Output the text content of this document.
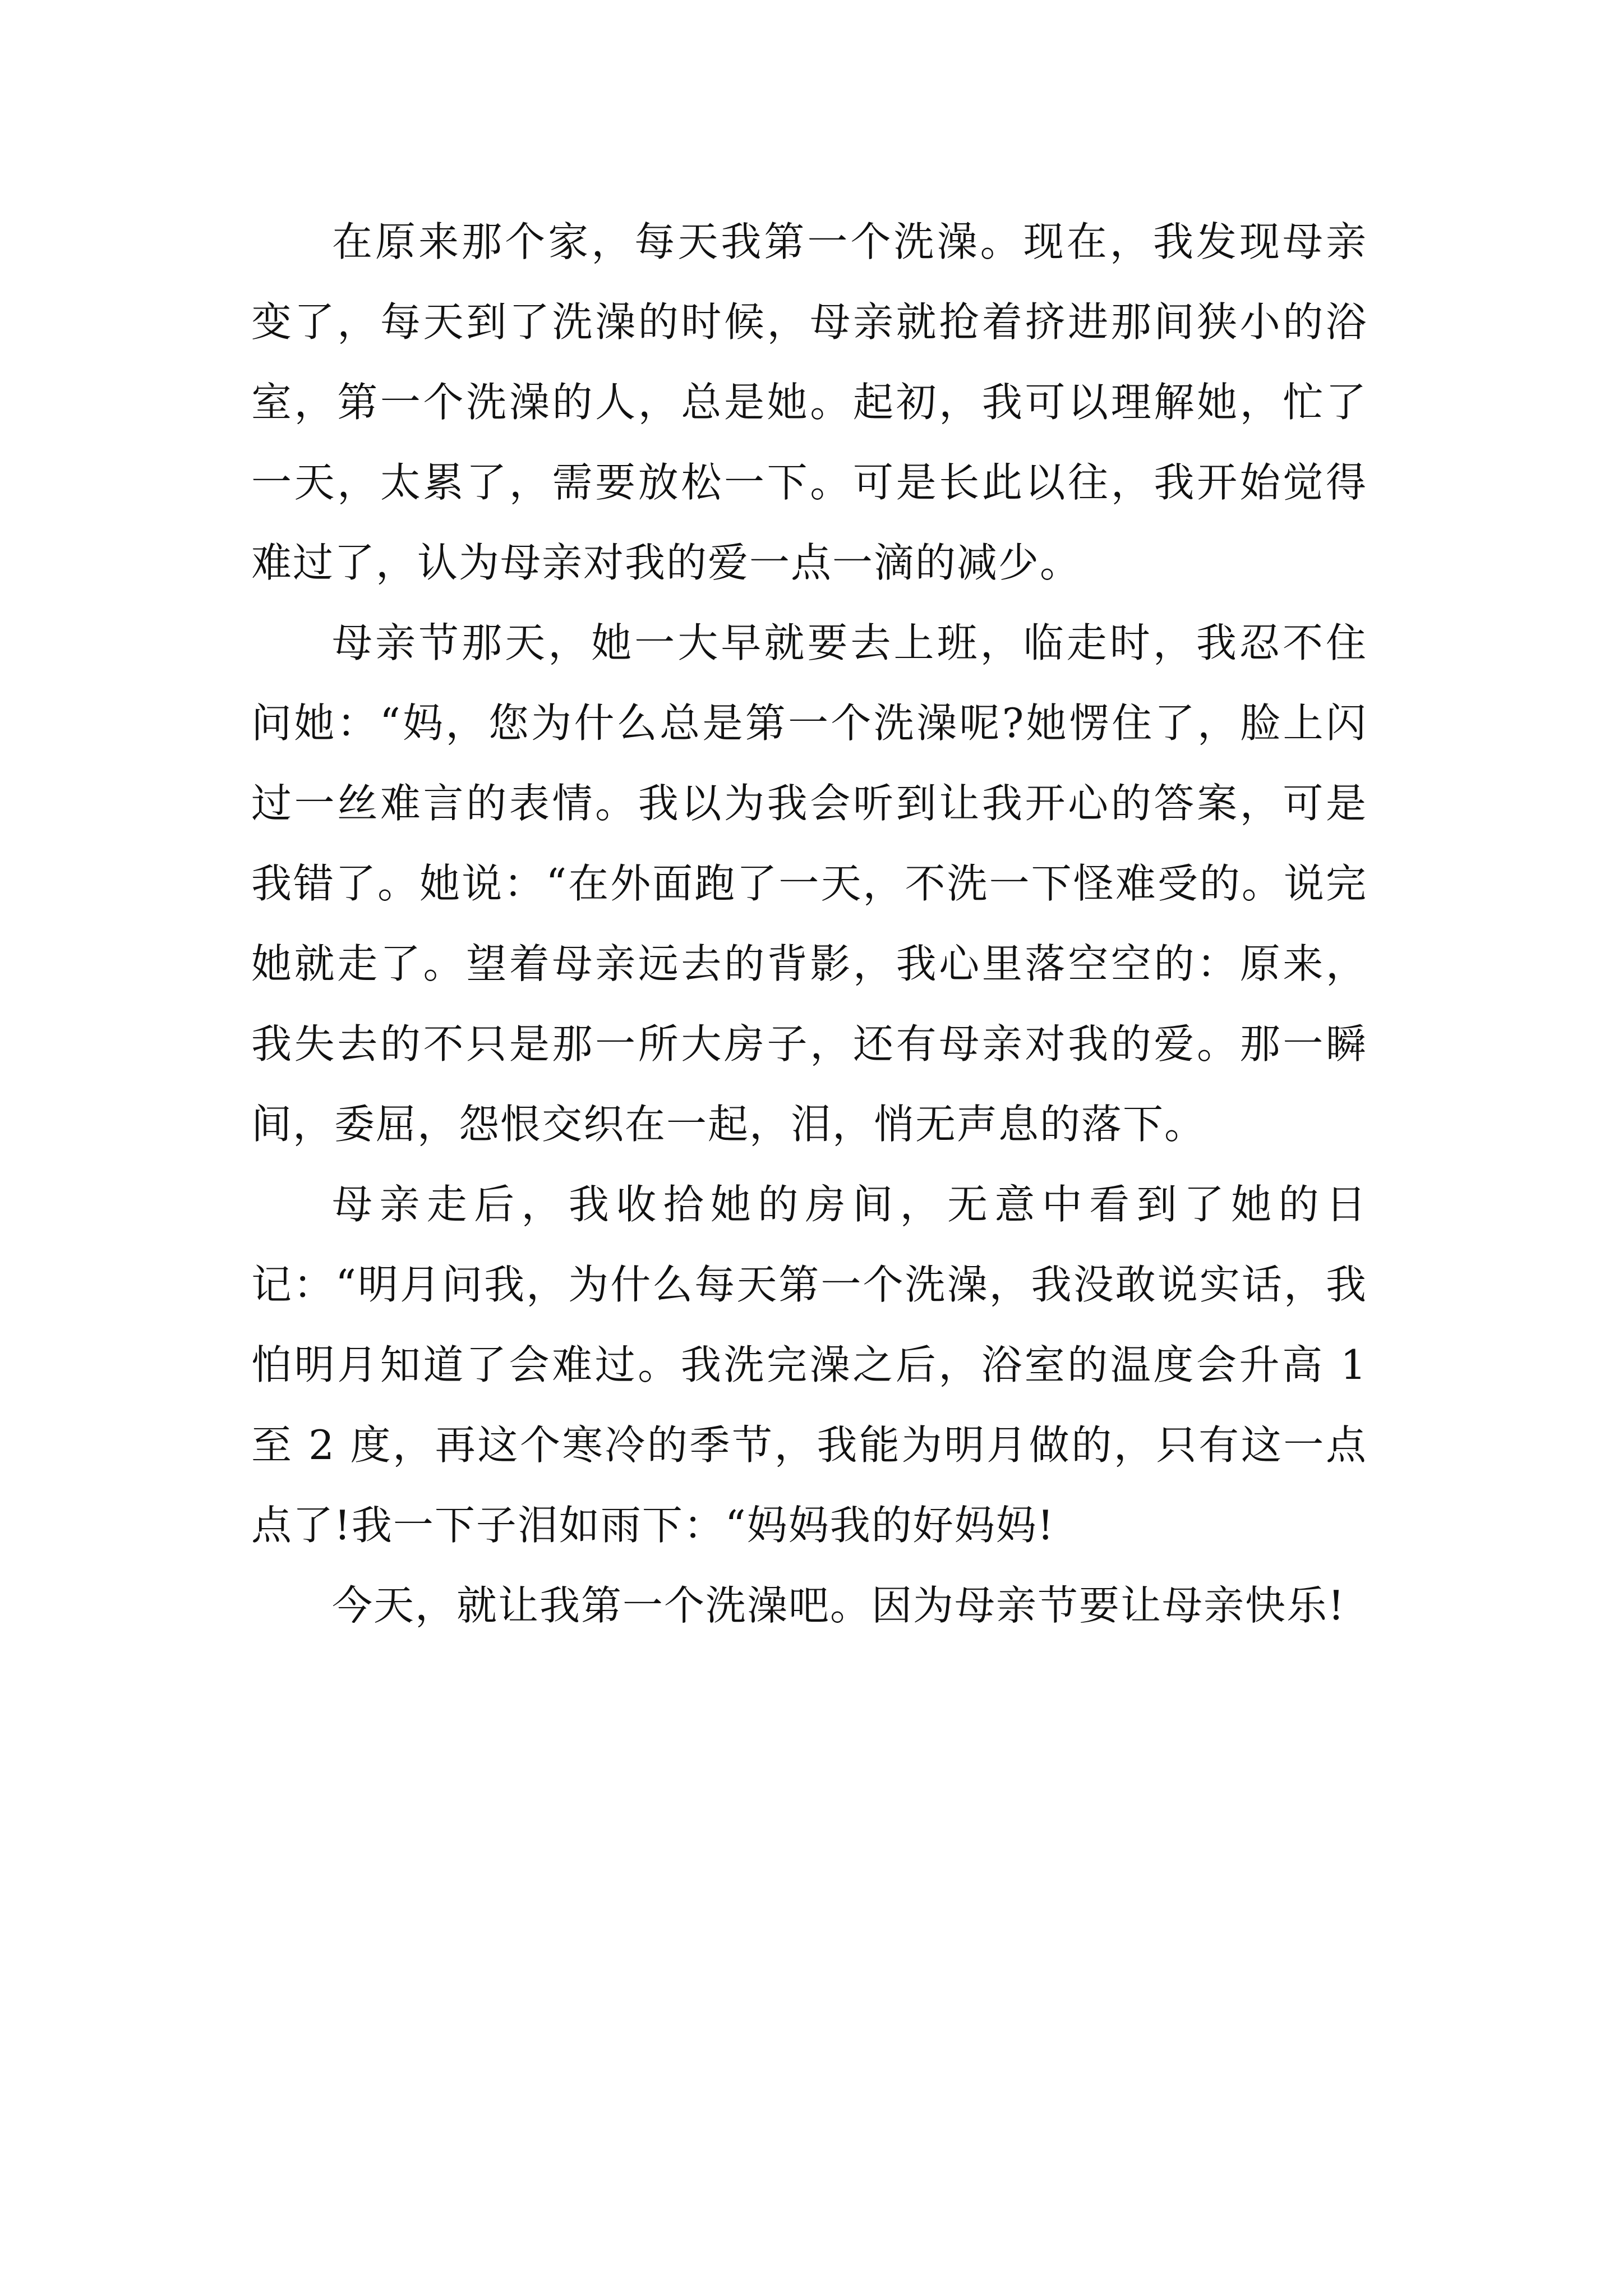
在原来那个家，每天我第一个洗澡。现在，我发现母亲变了，每天到了洗澡的时候，母亲就抢着挤进那间狭小的浴室，第一个洗澡的人，总是她。起初，我可以理解她，忙了一天，太累了，需要放松一下。可是长此以往，我开始觉得难过了，认为母亲对我的爱一点一滴的减少。

母亲节那天，她一大早就要去上班，临走时，我忍不住问她：“妈，您为什么总是第一个洗澡呢?她愣住了，脸上闪过一丝难言的表情。我以为我会听到让我开心的答案，可是我错了。她说：“在外面跑了一天，不洗一下怪难受的。说完她就走了。望着母亲远去的背影，我心里落空空的：原来，我失去的不只是那一所大房子，还有母亲对我的爱。那一瞬间，委屈，怨恨交织在一起，泪，悄无声息的落下。

母亲走后，我收拾她的房间，无意中看到了她的日记：“明月问我，为什么每天第一个洗澡，我没敢说实话，我怕明月知道了会难过。我洗完澡之后，浴室的温度会升高 1 至 2 度，再这个寒冷的季节，我能为明月做的，只有这一点点了!我一下子泪如雨下：“妈妈我的好妈妈!

今天，就让我第一个洗澡吧。因为母亲节要让母亲快乐!
